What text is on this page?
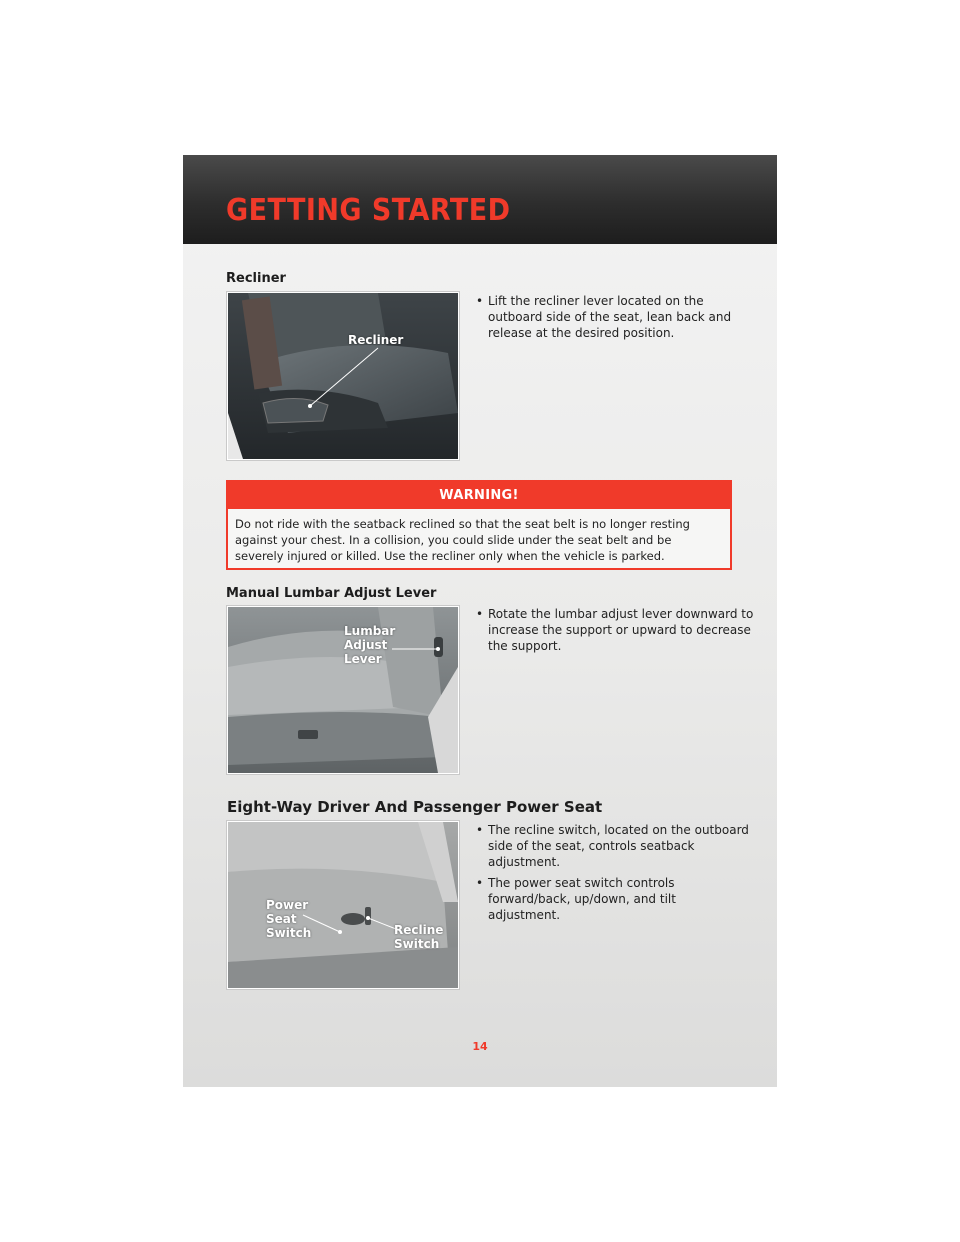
GETTING STARTED
Recliner
Recliner
• Lift the recliner lever located on the outboard side of the seat, lean back and release at the desired position.
WARNING!
Do not ride with the seatback reclined so that the seat belt is no longer resting against your chest. In a collision, you could slide under the seat belt and be severely injured or killed. Use the recliner only when the vehicle is parked.
Manual Lumbar Adjust Lever
Lumbar
Adjust
Lever
• Rotate the lumbar adjust lever downward to increase the support or upward to decrease the support.
Eight-Way Driver And Passenger Power Seat
Power
Seat
Switch	Recline
Switch
• The recline switch, located on the outboard side of the seat, controls seatback adjustment.
• The power seat switch controls forward/back, up/down, and tilt adjustment.
14
